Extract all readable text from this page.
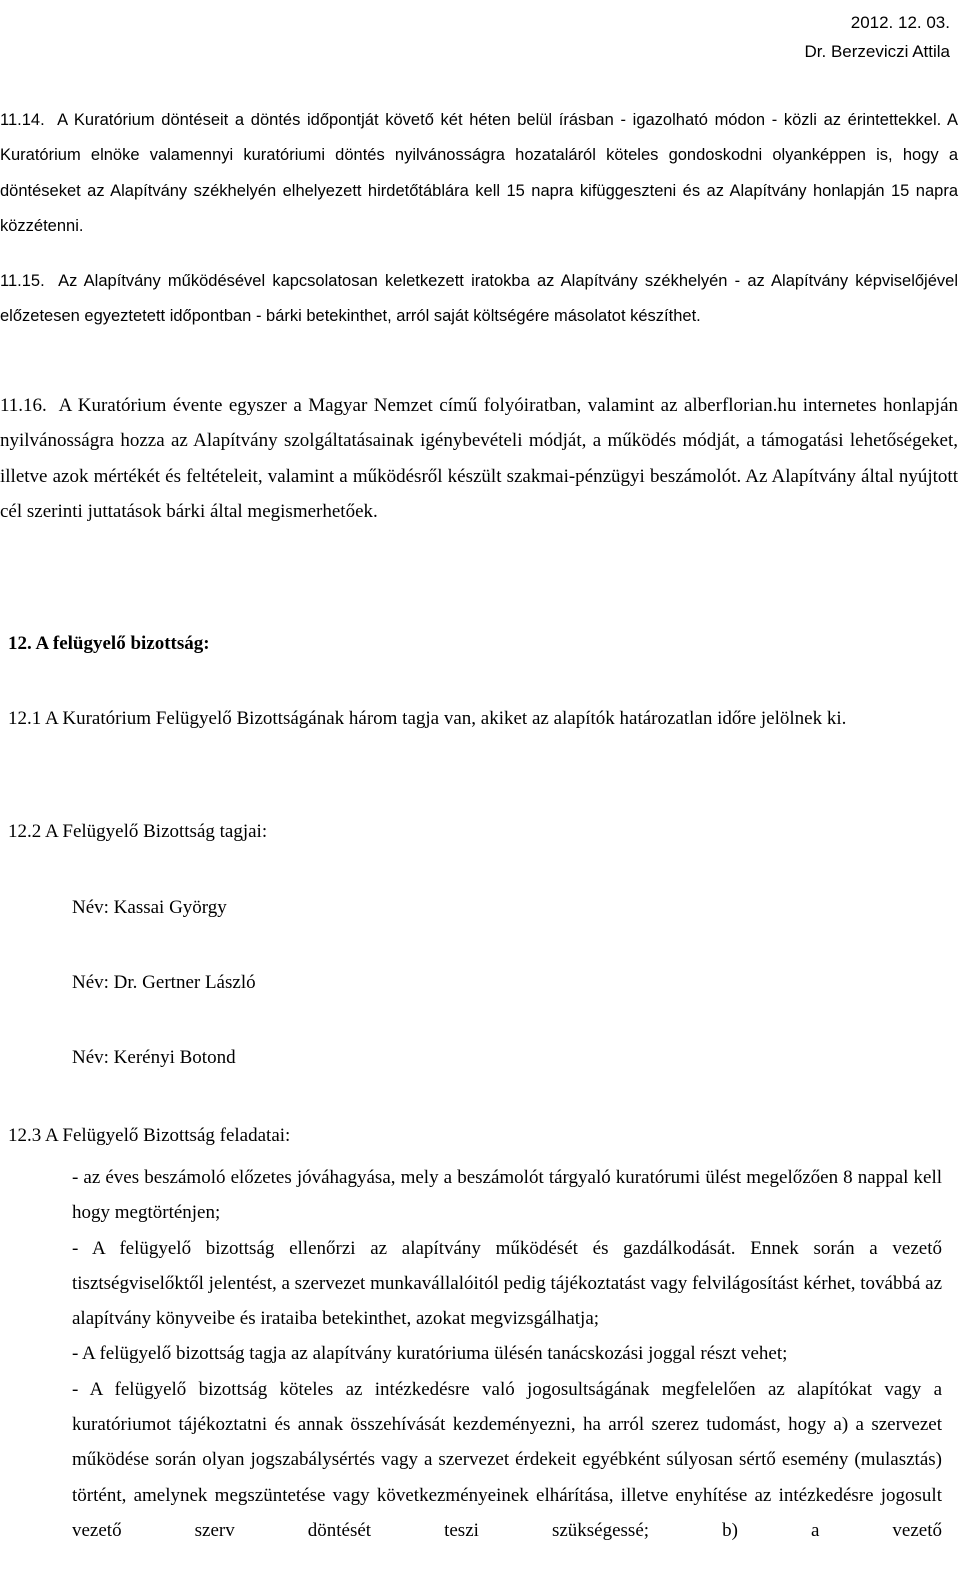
2012. 12. 03.
Dr. Berzeviczi Attila
11.14. A Kuratórium döntéseit a döntés időpontját követő két héten belül írásban - igazolható módon - közli az érintettekkel. A Kuratórium elnöke valamennyi kuratóriumi döntés nyilvánosságra hozataláról köteles gondoskodni olyanképpen is, hogy a döntéseket az Alapítvány székhelyén elhelyezett hirdetőtáblára kell 15 napra kifüggeszteni és az Alapítvány honlapján 15 napra közzétenni.
11.15. Az Alapítvány működésével kapcsolatosan keletkezett iratokba az Alapítvány székhelyén - az Alapítvány képviselőjével előzetesen egyeztetett időpontban - bárki betekinthet, arról saját költségére másolatot készíthet.
11.16. A Kuratórium évente egyszer a Magyar Nemzet című folyóiratban, valamint az alberflorian.hu internetes honlapján nyilvánosságra hozza az Alapítvány szolgáltatásainak igénybevételi módját, a működés módját, a támogatási lehetőségeket, illetve azok mértékét és feltételeit, valamint a működésről készült szakmai-pénzügyi beszámolót. Az Alapítvány által nyújtott cél szerinti juttatások bárki által megismerhetőek.
12. A felügyelő bizottság:
12.1 A Kuratórium Felügyelő Bizottságának három tagja van, akiket az alapítók határozatlan időre jelölnek ki.
12.2 A Felügyelő Bizottság tagjai:
Név: Kassai György
Név: Dr. Gertner László
Név: Kerényi Botond
12.3 A Felügyelő Bizottság feladatai:

- az éves beszámoló előzetes jóváhagyása, mely a beszámolót tárgyaló kuratórumi ülést megelőzően 8 nappal kell hogy megtörténjen;

- A felügyelő bizottság ellenőrzi az alapítvány működését és gazdálkodását. Ennek során a vezető tisztségviselőktől jelentést, a szervezet munkavállalóitól pedig tájékoztatást vagy felvilágosítást kérhet, továbbá az alapítvány könyveibe és irataiba betekinthet, azokat megvizsgálhatja;

- A felügyelő bizottság tagja az alapítvány kuratóriuma ülésén tanácskozási joggal részt vehet;

- A felügyelő bizottság köteles az intézkedésre való jogosultságának megfelelően az alapítókat vagy a kuratóriumot tájékoztatni és annak összehívását kezdeményezni, ha arról szerez tudomást, hogy a) a szervezet működése során olyan jogszabálysértés vagy a szervezet érdekeit egyébként súlyosan sértő esemény (mulasztás) történt, amelynek megszüntetése vagy következményeinek elhárítása, illetve enyhítése az intézkedésre jogosult vezető szerv döntését teszi szükségessé; b) a vezető
